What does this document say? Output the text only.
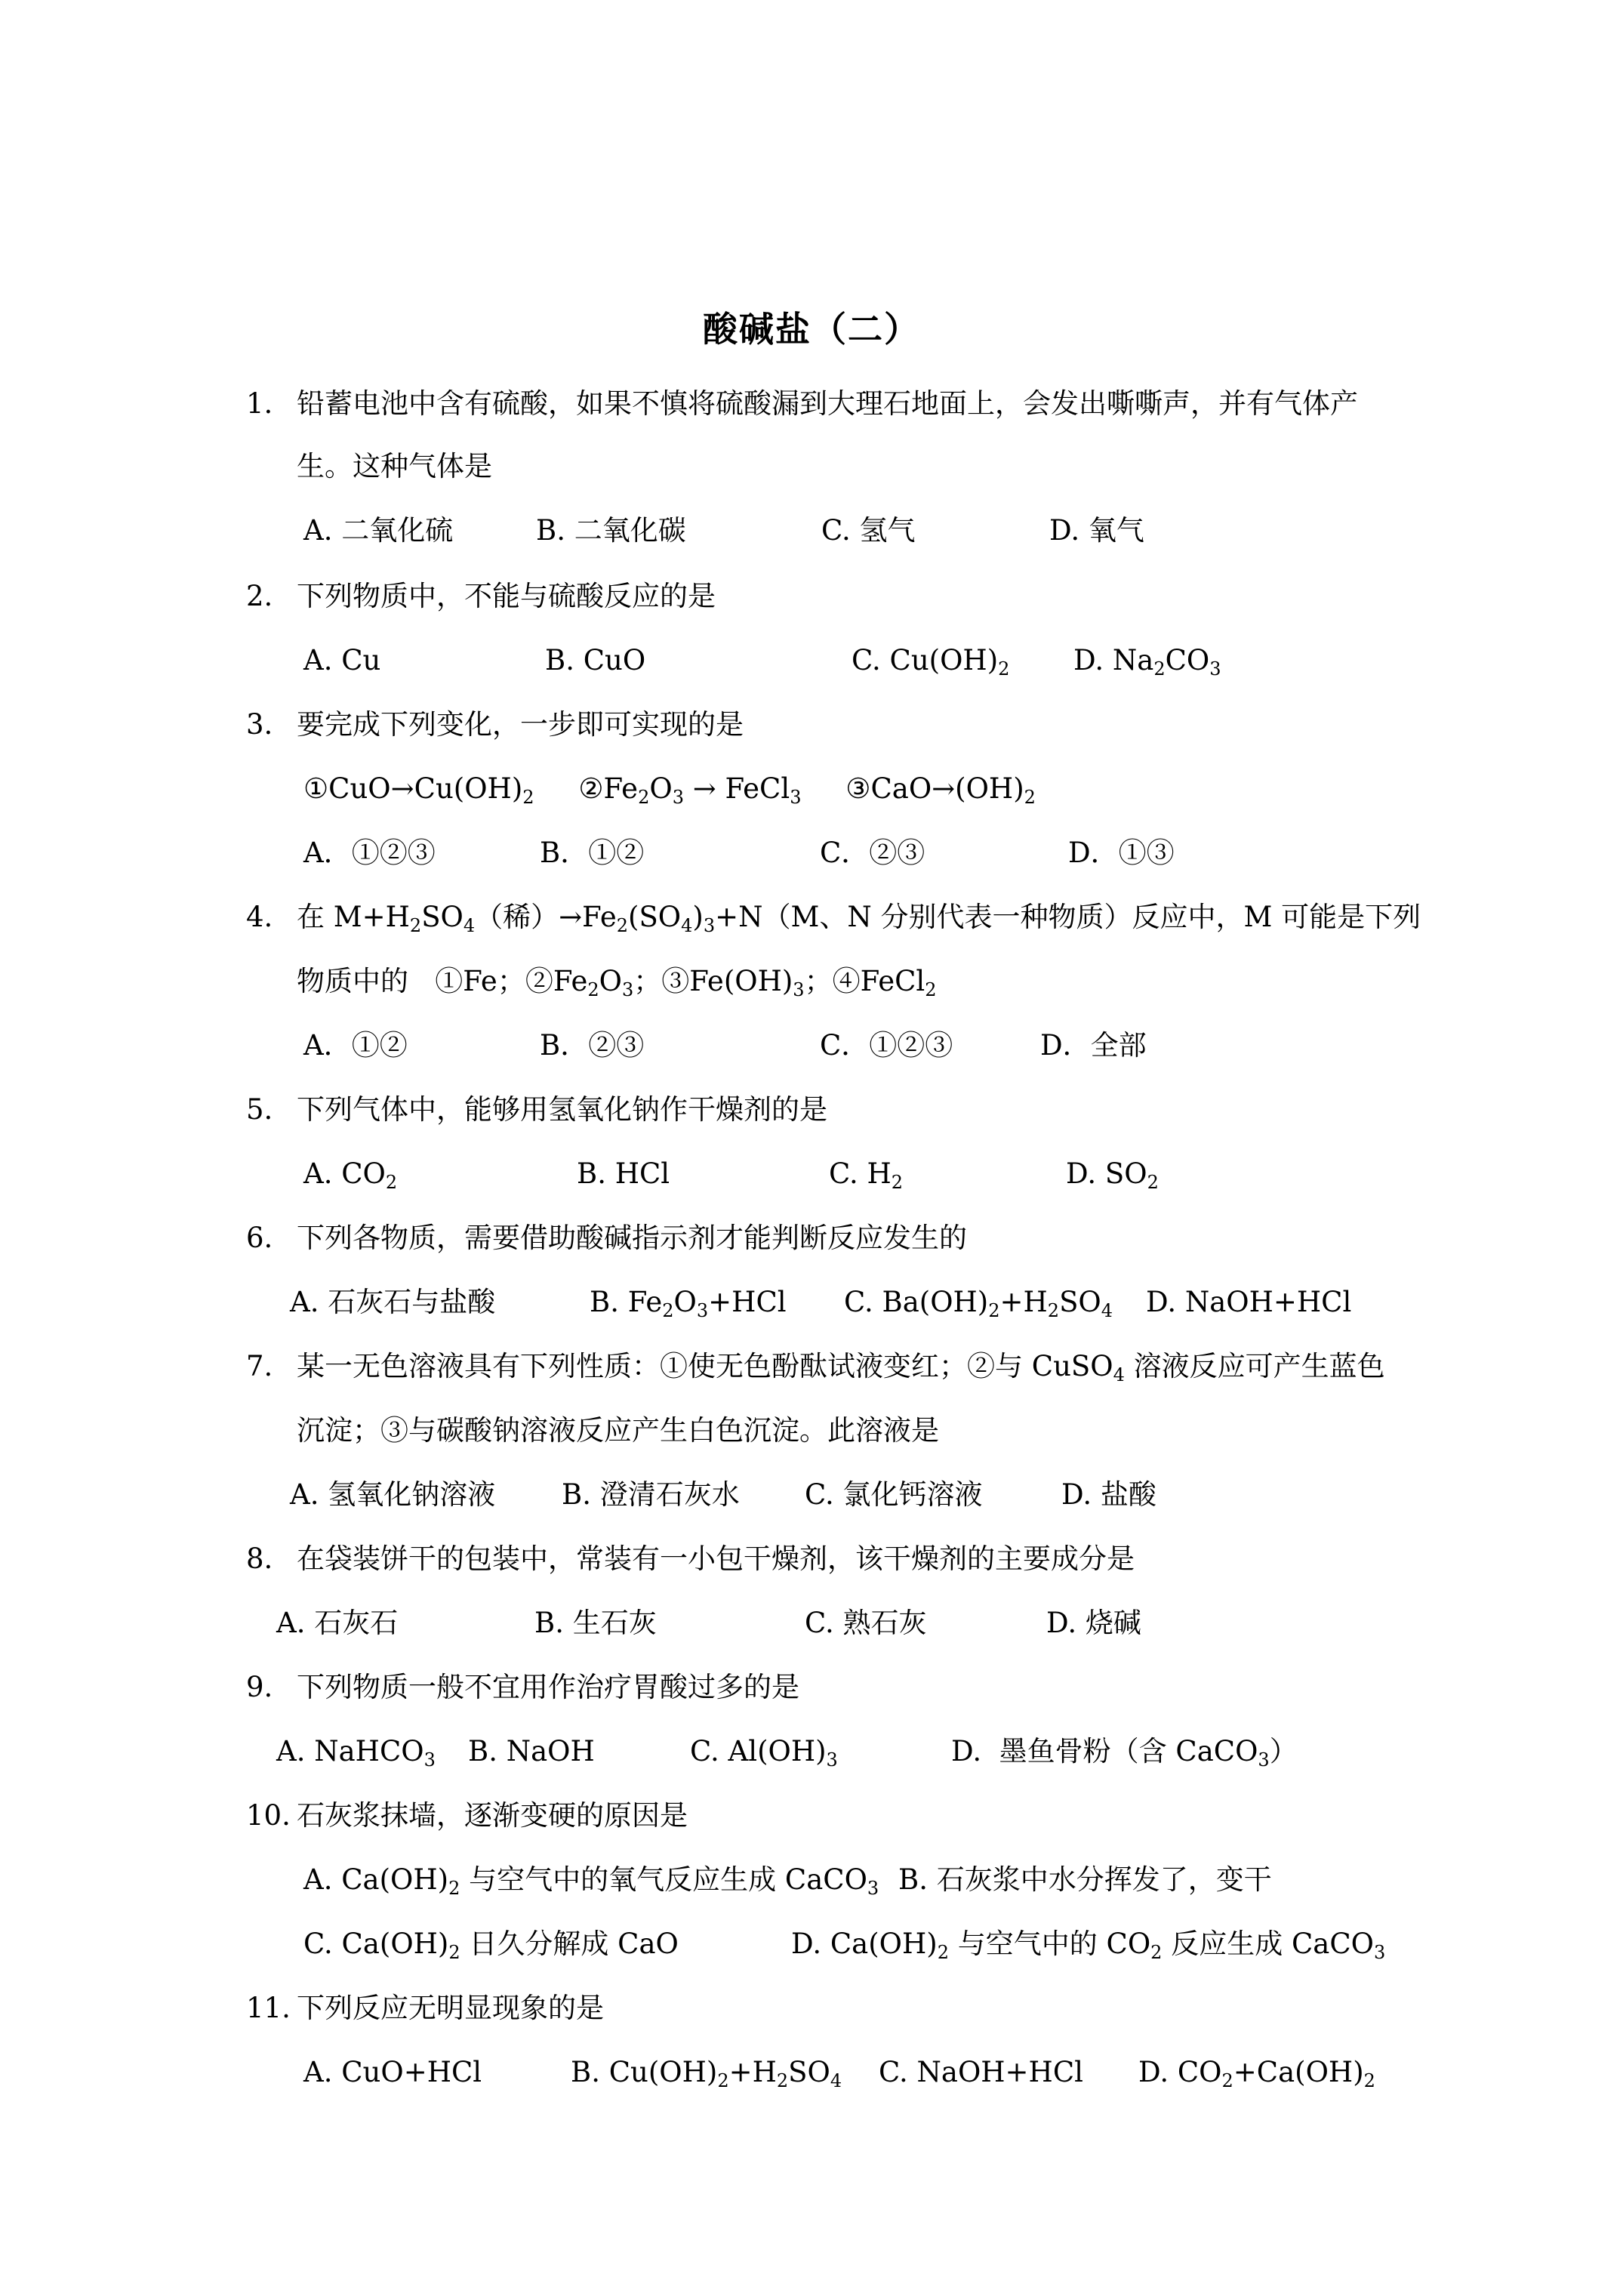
酸碱盐（二）
1. 铅蓄电池中含有硫酸，如果不慎将硫酸漏到大理石地面上，会发出嘶嘶声，并有气体产
生。这种气体是
A. 二氧化硫	B. 二氧化碳	C. 氢气	D. 氧气
2. 下列物质中，不能与硫酸反应的是
A. Cu	B. CuO	C. $Cu(OH)_2$ D. $Na_2CO_3$
3. 要完成下列变化，一步即可实现的是
$①CuO\to Cu(OH)_2$     $②Fe_2O_3$ → FeCl$_3$     $③CaO\to(OH)_2$
A．①②③	B．①②	C．②③	D．①③
4. 在 $M+H_2SO_4$（稀）$\to Fe_2(SO_4)_3+N(M$、N 分别代表一种物质）反应中，M 可能是下列
物质中的   ①Fe；$②Fe_2O_3$；$③Fe(OH)_3$；④FeCl$_2$
A．①②	B．②③	C．①②③	D．全部
5. 下列气体中，能够用氢氧化钠作干燥剂的是
A. $CO_2$	B. HCl	C. $H_2$	D. $SO_2$
6. 下列各物质，需要借助酸碱指示剂才能判断反应发生的
A. 石灰石与盐酸	B. $Fe_2O_3+HCl$ C. $Ba(OH)_2+H_2SO_4$ D. NaOH+HCl
7. 某一无色溶液具有下列性质：①使无色酚酞试液变红；②与 CuSO$_4$ 溶液反应可产生蓝色
沉淀；③与碳酸钠溶液反应产生白色沉淀。此溶液是
A. 氢氧化钠溶液 B. 澄清石灰水 C. 氯化钙溶液	D. 盐酸
8. 在袋装饼干的包装中，常装有一小包干燥剂，该干燥剂的主要成分是
A. 石灰石	B. 生石灰	C. 熟石灰	D. 烧碱
9. 下列物质一般不宜用作治疗胃酸过多的是
A. NaHCO$_3$ B. NaOH	C. $Al(OH)_3$	D.  墨鱼骨粉（含 CaCO$_3$）
10. 石灰浆抹墙，逐渐变硬的原因是
A. $Ca(OH)_2$ 与空气中的氧气反应生成 CaCO$_3$ B. 石灰浆中水分挥发了，变干
C. $Ca(OH)_2$ 日久分解成 CaO	D. $Ca(OH)_2$ 与空气中的 $CO_2$ 反应生成 CaCO$_3$
11. 下列反应无明显现象的是
A. CuO+HCl	B. $Cu(OH)_2+H_2SO_4$ C. NaOH+HCl D. $CO_2+Ca(OH)_2$
